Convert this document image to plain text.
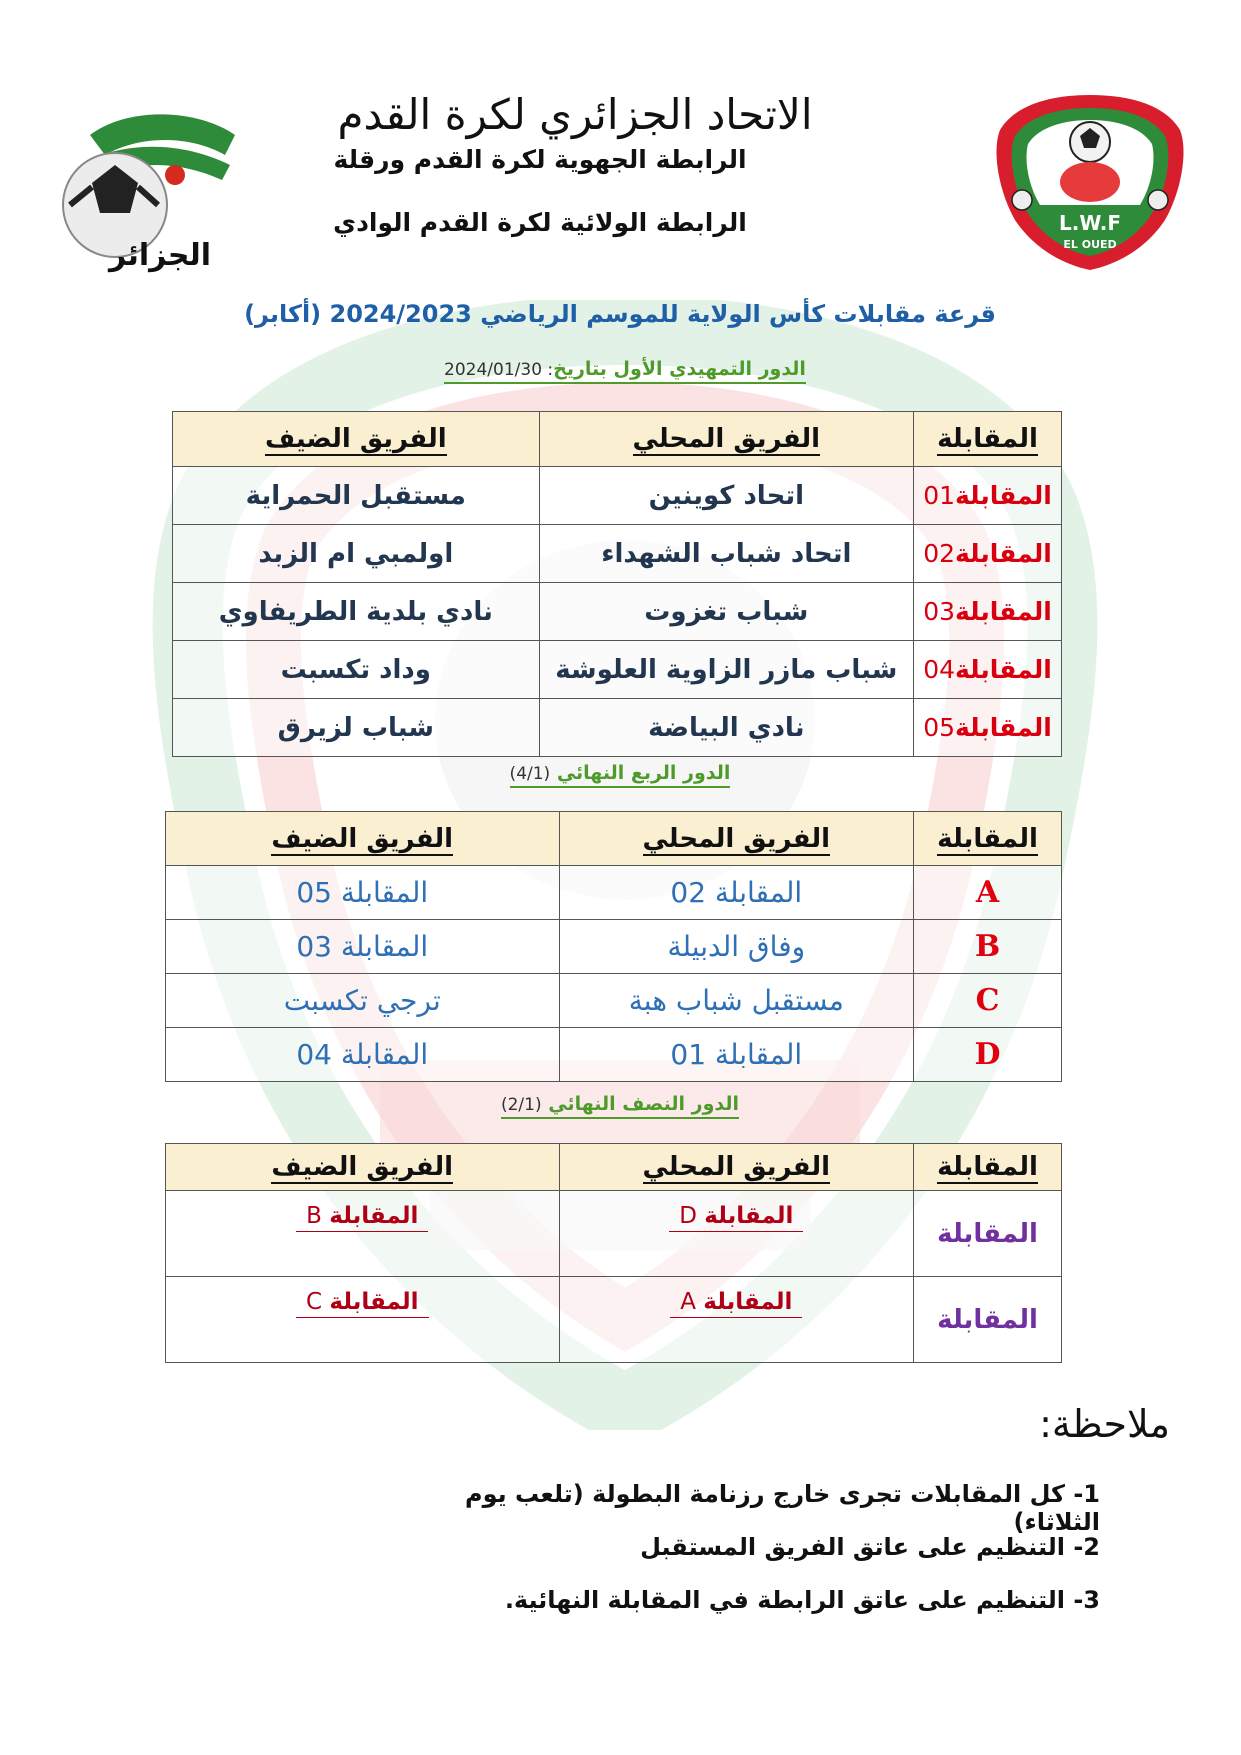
الجزائر
L.W.F
EL OUED
الاتحاد الجزائري لكرة القدم
الرابطة الجهوية لكرة القدم ورقلة
الرابطة الولائية لكرة القدم الوادي
قرعة مقابلات كأس الولاية للموسم الرياضي 2024/2023 (أكابر)
الدور التمهيدي الأول بتاريخ: 2024/01/30
المقابلة	الفريق المحلي	الفريق الضيف
المقابلة01	اتحاد كوينين	مستقبل الحمراية
المقابلة02	اتحاد شباب الشهداء	اولمبي ام الزبد
المقابلة03	شباب تغزوت	نادي بلدية الطريفاوي
المقابلة04	شباب مازر الزاوية العلوشة	وداد تكسبت
المقابلة05	نادي البياضة	شباب لزيرق
الدور الربع النهائي (4/1)
المقابلة	الفريق المحلي	الفريق الضيف
A	المقابلة 02	المقابلة 05
B	وفاق الدبيلة	المقابلة 03
C	مستقبل شباب هبة	ترجي تكسبت
D	المقابلة 01	المقابلة 04
الدور النصف النهائي (2/1)
المقابلة	الفريق المحلي	الفريق الضيف
المقابلة	المقابلة D	المقابلة B
المقابلة	المقابلة A	المقابلة C
ملاحظة:
1- كل المقابلات تجرى خارج رزنامة البطولة (تلعب يوم الثلاثاء)
2- التنظيم على عاتق الفريق المستقبل
3- التنظيم على عاتق الرابطة في المقابلة النهائية.
